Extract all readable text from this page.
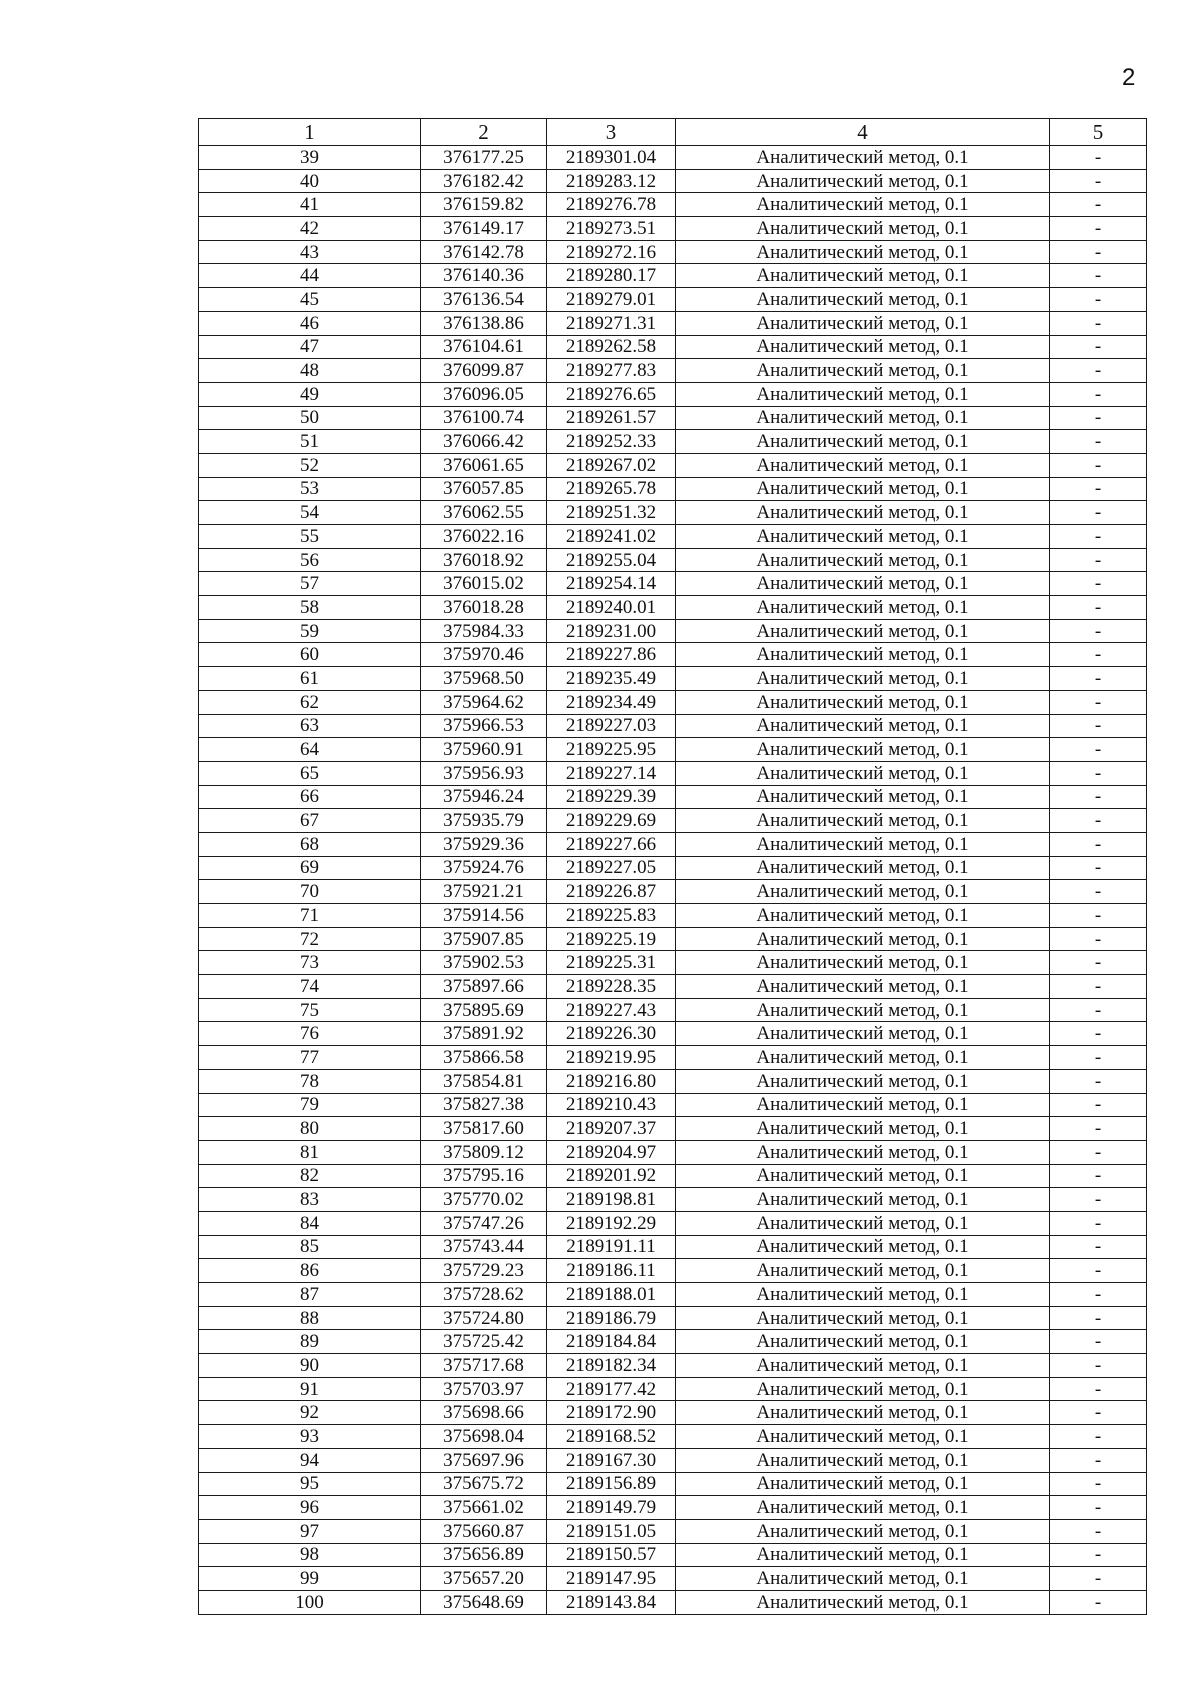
2
1	2	3	4	5
39	376177.25	2189301.04	Аналитический метод, 0.1	-
40	376182.42	2189283.12	Аналитический метод, 0.1	-
41	376159.82	2189276.78	Аналитический метод, 0.1	-
42	376149.17	2189273.51	Аналитический метод, 0.1	-
43	376142.78	2189272.16	Аналитический метод, 0.1	-
44	376140.36	2189280.17	Аналитический метод, 0.1	-
45	376136.54	2189279.01	Аналитический метод, 0.1	-
46	376138.86	2189271.31	Аналитический метод, 0.1	-
47	376104.61	2189262.58	Аналитический метод, 0.1	-
48	376099.87	2189277.83	Аналитический метод, 0.1	-
49	376096.05	2189276.65	Аналитический метод, 0.1	-
50	376100.74	2189261.57	Аналитический метод, 0.1	-
51	376066.42	2189252.33	Аналитический метод, 0.1	-
52	376061.65	2189267.02	Аналитический метод, 0.1	-
53	376057.85	2189265.78	Аналитический метод, 0.1	-
54	376062.55	2189251.32	Аналитический метод, 0.1	-
55	376022.16	2189241.02	Аналитический метод, 0.1	-
56	376018.92	2189255.04	Аналитический метод, 0.1	-
57	376015.02	2189254.14	Аналитический метод, 0.1	-
58	376018.28	2189240.01	Аналитический метод, 0.1	-
59	375984.33	2189231.00	Аналитический метод, 0.1	-
60	375970.46	2189227.86	Аналитический метод, 0.1	-
61	375968.50	2189235.49	Аналитический метод, 0.1	-
62	375964.62	2189234.49	Аналитический метод, 0.1	-
63	375966.53	2189227.03	Аналитический метод, 0.1	-
64	375960.91	2189225.95	Аналитический метод, 0.1	-
65	375956.93	2189227.14	Аналитический метод, 0.1	-
66	375946.24	2189229.39	Аналитический метод, 0.1	-
67	375935.79	2189229.69	Аналитический метод, 0.1	-
68	375929.36	2189227.66	Аналитический метод, 0.1	-
69	375924.76	2189227.05	Аналитический метод, 0.1	-
70	375921.21	2189226.87	Аналитический метод, 0.1	-
71	375914.56	2189225.83	Аналитический метод, 0.1	-
72	375907.85	2189225.19	Аналитический метод, 0.1	-
73	375902.53	2189225.31	Аналитический метод, 0.1	-
74	375897.66	2189228.35	Аналитический метод, 0.1	-
75	375895.69	2189227.43	Аналитический метод, 0.1	-
76	375891.92	2189226.30	Аналитический метод, 0.1	-
77	375866.58	2189219.95	Аналитический метод, 0.1	-
78	375854.81	2189216.80	Аналитический метод, 0.1	-
79	375827.38	2189210.43	Аналитический метод, 0.1	-
80	375817.60	2189207.37	Аналитический метод, 0.1	-
81	375809.12	2189204.97	Аналитический метод, 0.1	-
82	375795.16	2189201.92	Аналитический метод, 0.1	-
83	375770.02	2189198.81	Аналитический метод, 0.1	-
84	375747.26	2189192.29	Аналитический метод, 0.1	-
85	375743.44	2189191.11	Аналитический метод, 0.1	-
86	375729.23	2189186.11	Аналитический метод, 0.1	-
87	375728.62	2189188.01	Аналитический метод, 0.1	-
88	375724.80	2189186.79	Аналитический метод, 0.1	-
89	375725.42	2189184.84	Аналитический метод, 0.1	-
90	375717.68	2189182.34	Аналитический метод, 0.1	-
91	375703.97	2189177.42	Аналитический метод, 0.1	-
92	375698.66	2189172.90	Аналитический метод, 0.1	-
93	375698.04	2189168.52	Аналитический метод, 0.1	-
94	375697.96	2189167.30	Аналитический метод, 0.1	-
95	375675.72	2189156.89	Аналитический метод, 0.1	-
96	375661.02	2189149.79	Аналитический метод, 0.1	-
97	375660.87	2189151.05	Аналитический метод, 0.1	-
98	375656.89	2189150.57	Аналитический метод, 0.1	-
99	375657.20	2189147.95	Аналитический метод, 0.1	-
100	375648.69	2189143.84	Аналитический метод, 0.1	-
